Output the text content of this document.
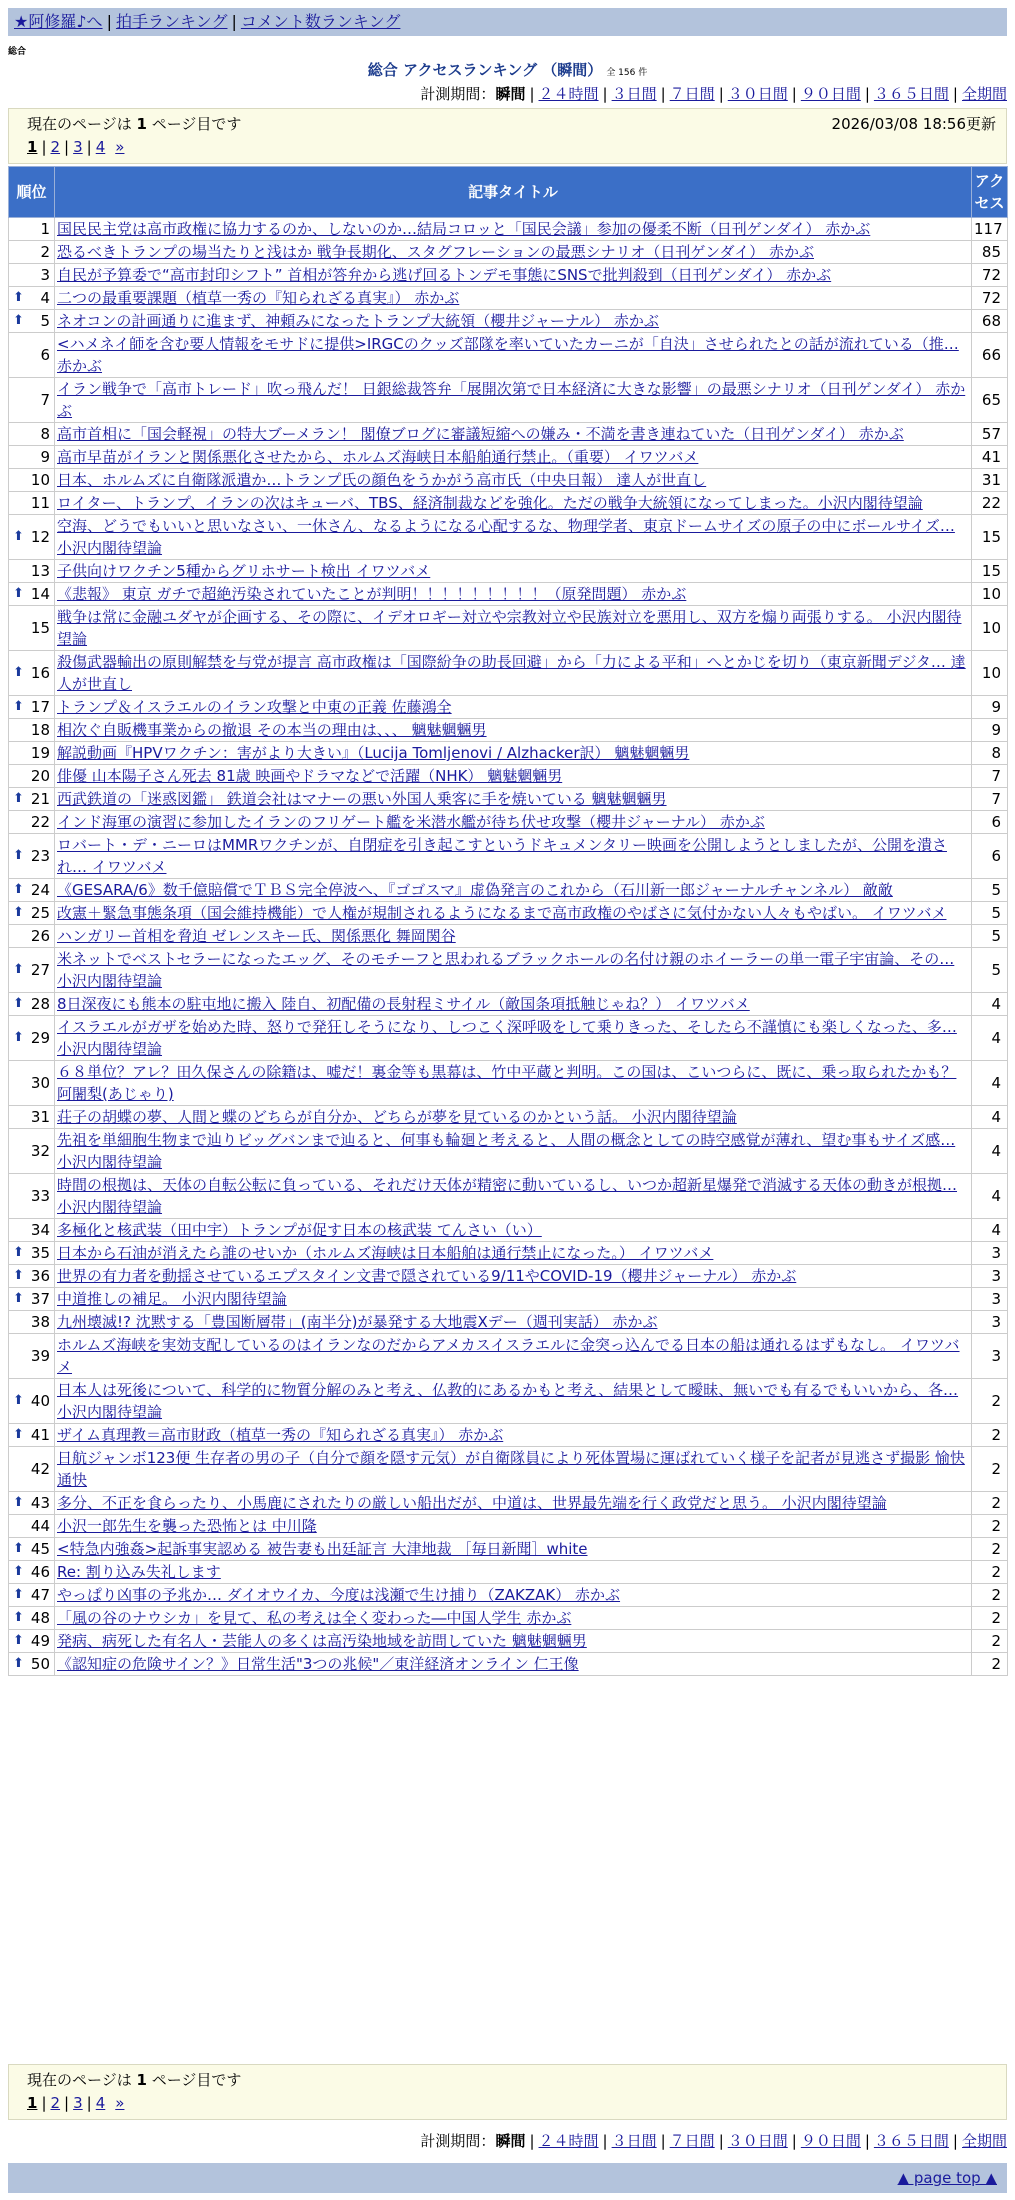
★阿修羅♪へ | 拍手ランキング | コメント数ランキング
総合
総合 アクセスランキング （瞬間） 全 156 件
計測期間：瞬間 | ２４時間 | ３日間 | ７日間 | ３０日間 | ９０日間 | ３６５日間 | 全期間
現在のページは 1 ページ目です	2026/03/08 18:56更新
1 | 2 | 3 | 4 »
順位	記事タイトル	アクセス
1	国民民主党は高市政権に協力するのか、しないのか…結局コロッと「国民会議」参加の優柔不断（日刊ゲンダイ） 赤かぶ	117
2	恐るべきトランプの場当たりと浅はか 戦争長期化、スタグフレーションの最悪シナリオ（日刊ゲンダイ） 赤かぶ	85
3	自民が予算委で“高市封印シフト” 首相が答弁から逃げ回るトンデモ事態にSNSで批判殺到（日刊ゲンダイ） 赤かぶ	72

⬆ 4	二つの最重要課題（植草一秀の『知られざる真実』） 赤かぶ	72

⬆ 5	ネオコンの計画通りに進まず、神頼みになったトランプ大統領（櫻井ジャーナル） 赤かぶ	68
6	<ハメネイ師を含む要人情報をモサドに提供>IRGCのクッズ部隊を率いていたカーニが「自決」させられたとの話が流れている（推… 赤かぶ	66
7	イラン戦争で「高市トレード」吹っ飛んだ！ 日銀総裁答弁「展開次第で日本経済に大きな影響」の最悪シナリオ（日刊ゲンダイ） 赤かぶ	65
8	高市首相に「国会軽視」の特大ブーメラン！ 閣僚ブログに審議短縮への嫌み・不満を書き連ねていた（日刊ゲンダイ） 赤かぶ	57
9	高市早苗がイランと関係悪化させたから、ホルムズ海峡日本船舶通行禁止。（重要） イワツバメ	41
10	日本、ホルムズに自衛隊派遣か…トランプ氏の顔色をうかがう高市氏（中央日報） 達人が世直し	31
11	ロイター、トランプ、イランの次はキューバ、TBS、経済制裁などを強化。ただの戦争大統領になってしまった。小沢内閣待望論	22

⬆ 12	空海、どうでもいいと思いなさい、一休さん、なるようになる心配するな、物理学者、東京ドームサイズの原子の中にボールサイズ… 小沢内閣待望論	15
13	子供向けワクチン5種からグリホサート検出 イワツバメ	15

⬆ 14	《悲報》 東京 ガチで超絶汚染されていたことが判明！！！！！！！！！（原発問題） 赤かぶ	10
15	戦争は常に金融ユダヤが企画する、その際に、イデオロギー対立や宗教対立や民族対立を悪用し、双方を煽り両張りする。 小沢内閣待望論	10

⬆ 16	殺傷武器輸出の原則解禁を与党が提言 高市政権は「国際紛争の助長回避」から「力による平和」へとかじを切り（東京新聞デジタ… 達人が世直し	10

⬆ 17	トランプ＆イスラエルのイラン攻撃と中東の正義 佐藤鴻全	9
18	相次ぐ自販機事業からの撤退 その本当の理由は、、、 魑魅魍魎男	9
19	解説動画『HPVワクチン：害がより大きい』（Lucija Tomljenovi / Alzhacker訳） 魑魅魍魎男	8
20	俳優 山本陽子さん死去 81歳 映画やドラマなどで活躍（NHK） 魑魅魍魎男	7

⬆ 21	西武鉄道の「迷惑図鑑」 鉄道会社はマナーの悪い外国人乗客に手を焼いている 魑魅魍魎男	7
22	インド海軍の演習に参加したイランのフリゲート艦を米潜水艦が待ち伏せ攻撃（櫻井ジャーナル） 赤かぶ	6

⬆ 23	ロバート・デ・ニーロはMMRワクチンが、自閉症を引き起こすというドキュメンタリー映画を公開しようとしましたが、公開を潰され… イワツバメ	6

⬆ 24	《GESARA/6》数千億賠償でＴＢＳ完全停波へ、『ゴゴスマ』虚偽発言のこれから（石川新一郎ジャーナルチャンネル） 敵敵	5

⬆ 25	改憲＋緊急事態条項（国会維持機能）で人権が規制されるようになるまで高市政権のやばさに気付かない人々もやばい。 イワツバメ	5
26	ハンガリー首相を脅迫 ゼレンスキー氏、関係悪化 舞岡関谷	5

⬆ 27	米ネットでベストセラーになったエッグ、そのモチーフと思われるブラックホールの名付け親のホイーラーの単一電子宇宙論、その… 小沢内閣待望論	5

⬆ 28	8日深夜にも熊本の駐屯地に搬入 陸自、初配備の長射程ミサイル（敵国条項抵触じゃね？） イワツバメ	4

⬆ 29	イスラエルがガザを始めた時、怒りで発狂しそうになり、しつこく深呼吸をして乗りきった、そしたら不謹慎にも楽しくなった、多… 小沢内閣待望論	4
30	６８単位？アレ？田久保さんの除籍は、嘘だ！裏金等も黒幕は、竹中平蔵と判明。この国は、こいつらに、既に、乗っ取られたかも？ 阿闍梨(あじゃり)	4
31	荘子の胡蝶の夢、人間と蝶のどちらが自分か、どちらが夢を見ているのかという話。 小沢内閣待望論	4
32	先祖を単細胞生物まで辿りビッグバンまで辿ると、何事も輪廻と考えると、人間の概念としての時空感覚が薄れ、望む事もサイズ感… 小沢内閣待望論	4
33	時間の根拠は、天体の自転公転に負っている、それだけ天体が精密に動いているし、いつか超新星爆発で消滅する天体の動きが根拠… 小沢内閣待望論	4
34	多極化と核武装（田中宇）トランプが促す日本の核武装 てんさい（い）	4

⬆ 35	日本から石油が消えたら誰のせいか（ホルムズ海峡は日本船舶は通行禁止になった。） イワツバメ	3

⬆ 36	世界の有力者を動揺させているエプスタイン文書で隠されている9/11やCOVID-19（櫻井ジャーナル） 赤かぶ	3

⬆ 37	中道推しの補足。 小沢内閣待望論	3
38	九州壊滅!? 沈黙する「豊国断層帯」(南半分)が暴発する大地震Xデー（週刊実話） 赤かぶ	3
39	ホルムズ海峡を実効支配しているのはイランなのだからアメカスイスラエルに金突っ込んでる日本の船は通れるはずもなし。 イワツバメ	3

⬆ 40	日本人は死後について、科学的に物質分解のみと考え、仏教的にあるかもと考え、結果として曖昧、無いでも有るでもいいから、各… 小沢内閣待望論	2

⬆ 41	ザイム真理教＝高市財政（植草一秀の『知られざる真実』） 赤かぶ	2
42	日航ジャンボ123便 生存者の男の子（自分で顔を隠す元気）が自衛隊員により死体置場に運ばれていく様子を記者が見逃さず撮影 愉快通快	2

⬆ 43	多分、不正を食らったり、小馬鹿にされたりの厳しい船出だが、中道は、世界最先端を行く政党だと思う。 小沢内閣待望論	2
44	小沢一郎先生を襲った恐怖とは 中川隆	2

⬆ 45	<特急内強姦>起訴事実認める 被告妻も出廷証言 大津地裁 ［毎日新聞］white	2

⬆ 46	Re: 割り込み失礼します	2

⬆ 47	やっぱり凶事の予兆か… ダイオウイカ、今度は浅瀬で生け捕り（ZAKZAK） 赤かぶ	2

⬆ 48	「風の谷のナウシカ」を見て、私の考えは全く変わった―中国人学生 赤かぶ	2

⬆ 49	発病、病死した有名人・芸能人の多くは高汚染地域を訪問していた 魑魅魍魎男	2

⬆ 50	《認知症の危険サイン？》日常生活"3つの兆候"／東洋経済オンライン 仁王像	2
計測期間：瞬間 | ２４時間 | ３日間 | ７日間 | ３０日間 | ９０日間 | ３６５日間 | 全期間
現在のページは 1 ページ目です
1 | 2 | 3 | 4 »
▲ page top ▲
